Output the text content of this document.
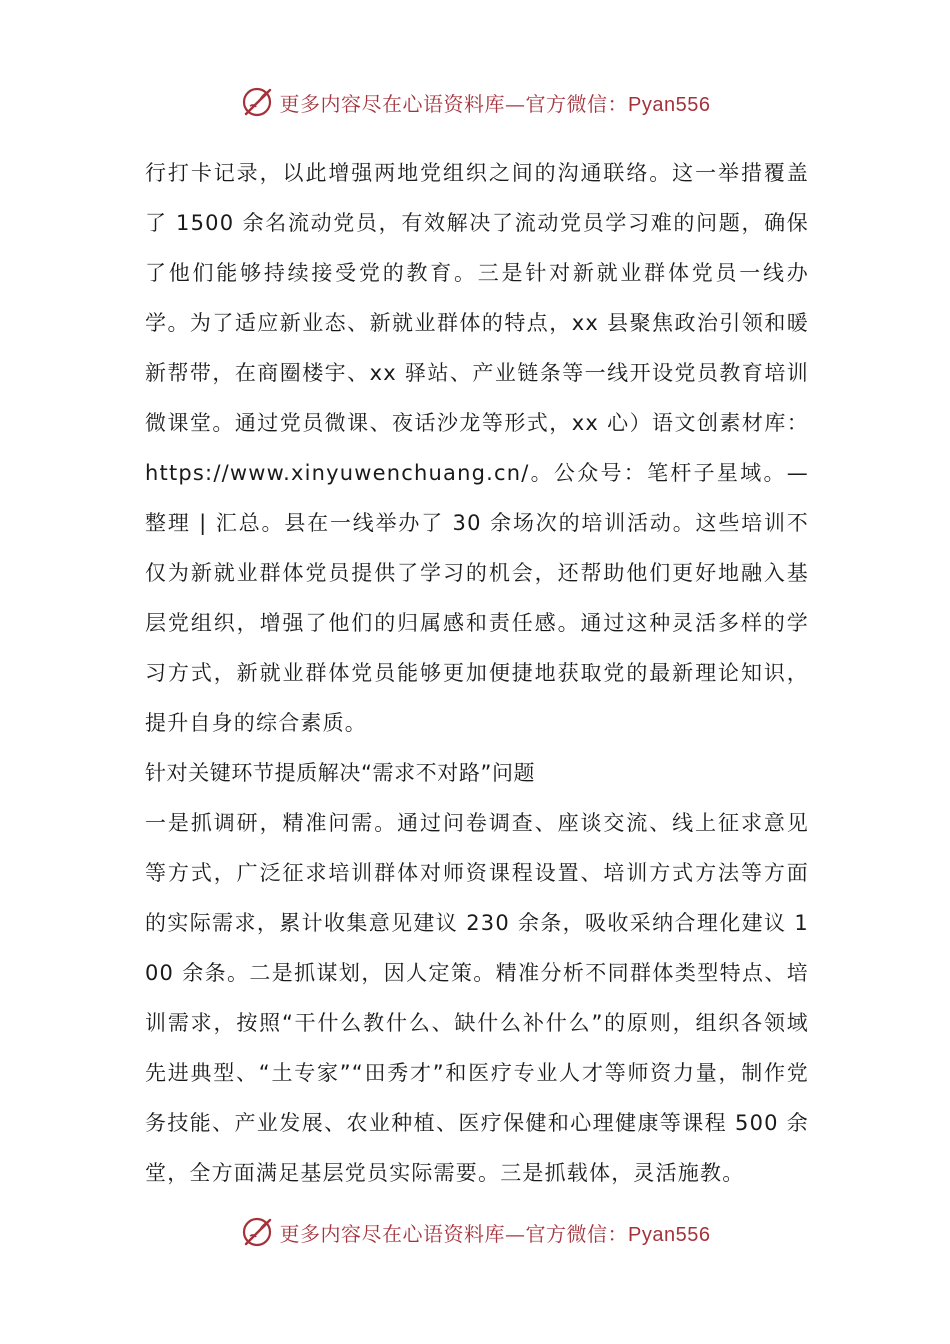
更多内容尽在心语资料库—官方微信：Pyan556

行打卡记录，以此增强两地党组织之间的沟通联络。这一举措覆盖了 1500 余名流动党员，有效解决了流动党员学习难的问题，确保了他们能够持续接受党的教育。三是针对新就业群体党员一线办学。为了适应新业态、新就业群体的特点，xx 县聚焦政治引领和暖新帮带，在商圈楼宇、xx 驿站、产业链条等一线开设党员教育培训微课堂。通过党员微课、夜话沙龙等形式，xx 心）语文创素材库：https://www.xinyuwenchuang.cn/。公众号：笔杆子星域。—整理 | 汇总。县在一线举办了 30 余场次的培训活动。这些培训不仅为新就业群体党员提供了学习的机会，还帮助他们更好地融入基层党组织，增强了他们的归属感和责任感。通过这种灵活多样的学习方式，新就业群体党员能够更加便捷地获取党的最新理论知识，提升自身的综合素质。

针对关键环节提质解决“需求不对路”问题

一是抓调研，精准问需。通过问卷调查、座谈交流、线上征求意见等方式，广泛征求培训群体对师资课程设置、培训方式方法等方面的实际需求，累计收集意见建议 230 余条，吸收采纳合理化建议 100 余条。二是抓谋划，因人定策。精准分析不同群体类型特点、培训需求，按照“干什么教什么、缺什么补什么”的原则，组织各领域先进典型、“土专家”“田秀才”和医疗专业人才等师资力量，制作党务技能、产业发展、农业种植、医疗保健和心理健康等课程 500 余堂，全方面满足基层党员实际需要。三是抓载体，灵活施教。

更多内容尽在心语资料库—官方微信：Pyan556
